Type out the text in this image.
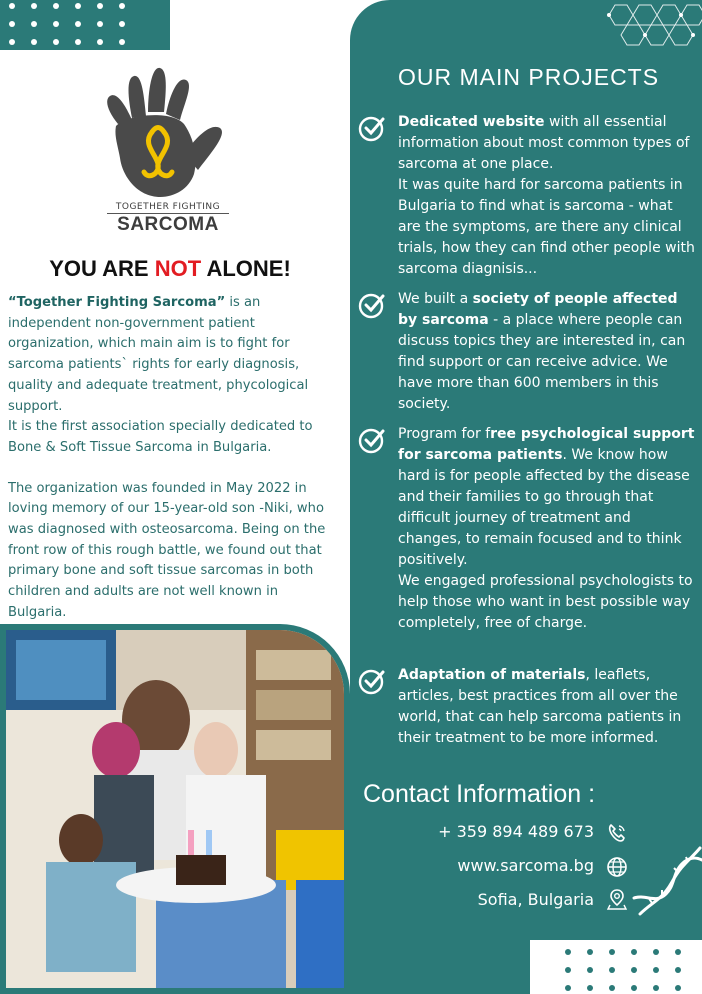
TOGETHER FIGHTING
SARCOMA
YOU ARE NOT ALONE!
“Together Fighting Sarcoma” is an independent non-government patient organization, which main aim is to fight for sarcoma patients` rights for early diagnosis, quality and adequate treatment, phycological support.
It is the first association specially dedicated to Bone & Soft Tissue Sarcoma in Bulgaria.
The organization was founded in May 2022 in loving memory of our 15-year-old son -Niki, who was diagnosed with osteosarcoma. Being on the front row of this rough battle, we found out that primary bone and soft tissue sarcomas in both children and adults are not well known in Bulgaria.
OUR MAIN PROJECTS
Dedicated website with all essential information about most common types of sarcoma at one place.
It was quite hard for sarcoma patients in Bulgaria to find what is sarcoma - what are the symptoms, are there any clinical trials, how they can find other people with sarcoma diagnisis...
We built a society of people affected by sarcoma - a place where people can discuss topics they are interested in, can find support or can receive advice. We have more than 600 members in this society.
Program for free psychological support for sarcoma patients. We know how hard is for people affected by the disease and their families to go through that difficult journey of treatment and changes, to remain focused and to think positively.
We engaged professional psychologists to help those who want in best possible way completely, free of charge.
Adaptation of materials, leaflets, articles, best practices from all over the world, that can help sarcoma patients in their treatment to be more informed.
Contact Information :
+ 359 894 489 673
www.sarcoma.bg
Sofia, Bulgaria
